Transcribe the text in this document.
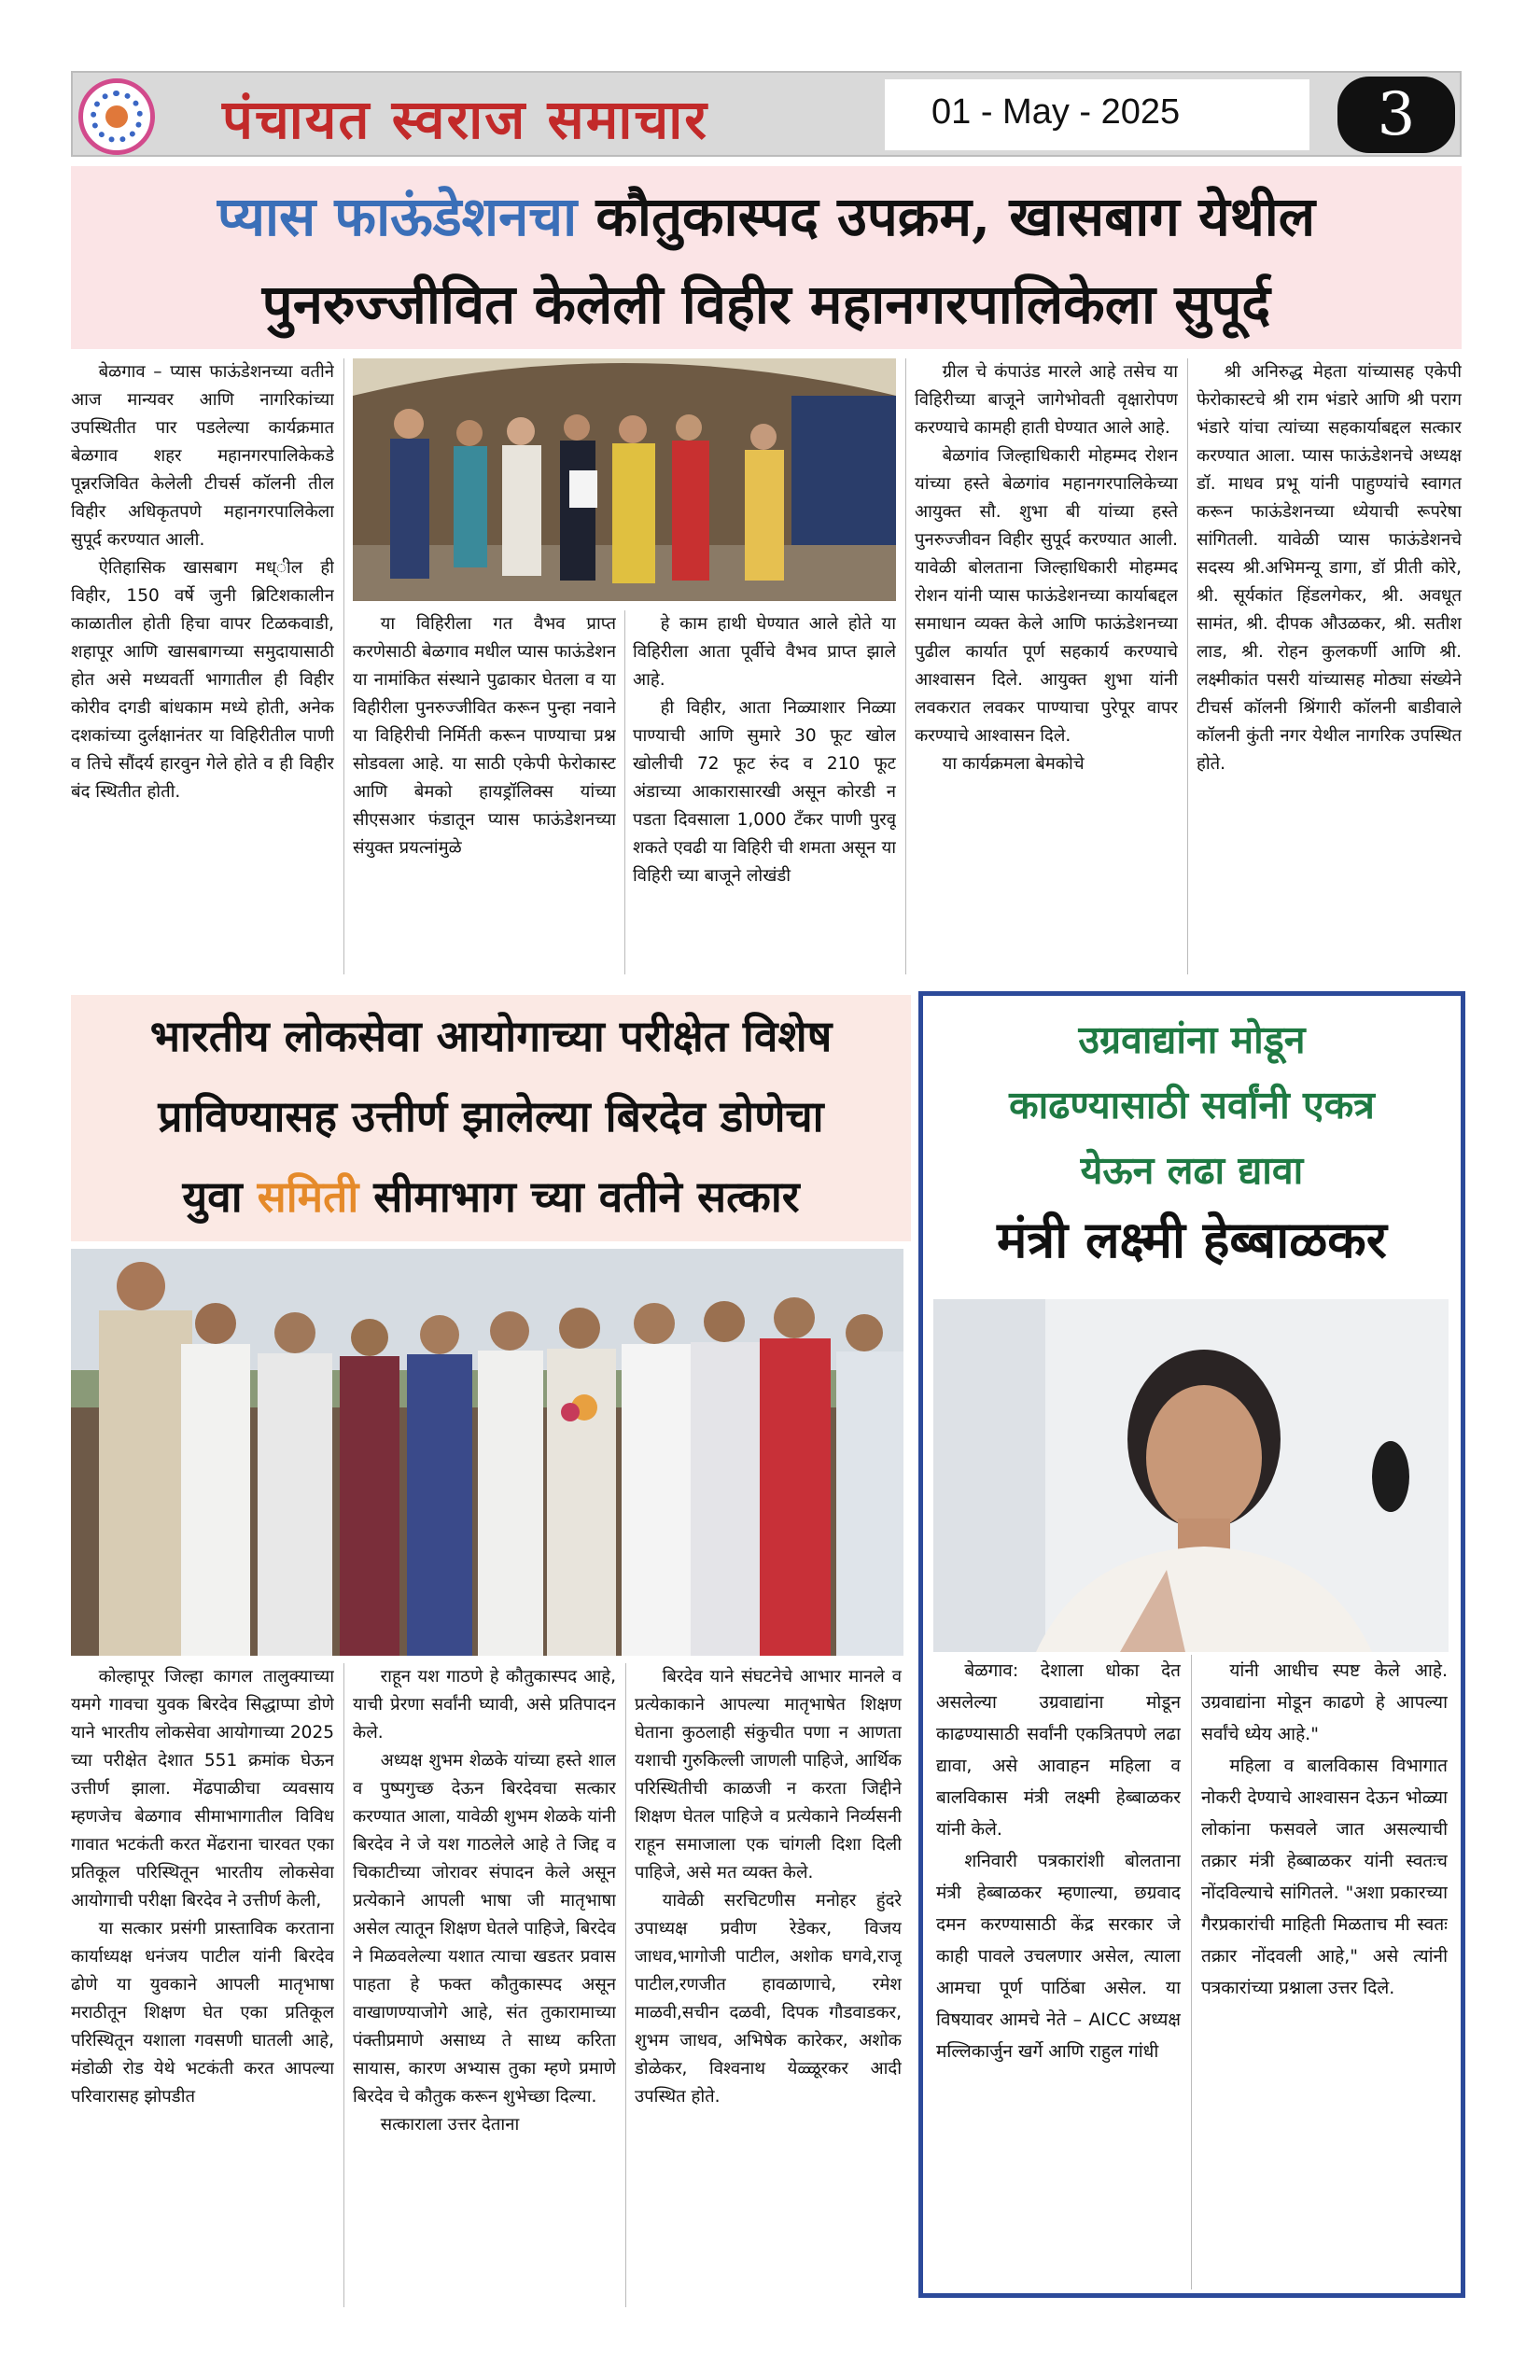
पंचायत स्वराज समाचार	01 - May - 2025	3
प्यास फाऊंडेशनचा कौतुकास्पद उपक्रम, खासबाग येथील
पुनरुज्जीवित केलेली विहीर महानगरपालिकेला सुपूर्द

बेळगाव – प्यास फाऊंडेशनच्या वतीने आज मान्यवर आणि नागरिकांच्या उपस्थितीत पार पडलेल्या कार्यक्रमात बेळगाव शहर महानगरपालिकेकडे पून्नरजिवित केलेली टीचर्स कॉलनी तील विहीर अधिकृतपणे महानगरपालिकेला सुपूर्द करण्यात आली.

ऐतिहासिक खासबाग मध्ील ही विहीर, 150 वर्षे जुनी ब्रिटिशकालीन काळातील होती हिचा वापर टिळकवाडी, शहापूर आणि खासबागच्या समुदायासाठी होत असे मध्यवर्ती भागातील ही विहीर कोरीव दगडी बांधकाम मध्ये होती, अनेक दशकांच्या दुर्लक्षानंतर या विहिरीतील पाणी व तिचे सौंदर्य हारवुन गेले होते व ही विहीर बंद स्थितीत होती.

या विहिरीला गत वैभव प्राप्त करणेसाठी बेळगाव मधील प्यास फाऊंडेशन या नामांकित संस्थाने पुढाकार घेतला व या विहीरीला पुनरुज्जीवित करून पुन्हा नवाने या विहिरीची निर्मिती करून पाण्याचा प्रश्न सोडवला आहे. या साठी एकेपी फेरोकास्ट आणि बेमको हायड्रॉलिक्स यांच्या सीएसआर फंडातून प्यास फाऊंडेशनच्या संयुक्त प्रयत्नांमुळे

हे काम हाथी घेण्यात आले होते या विहिरीला आता पूर्वीचे वैभव प्राप्त झाले आहे.

ही विहीर, आता निळ्याशार निळ्या पाण्याची आणि सुमारे 30 फूट खोल खोलीची 72 फूट रुंद व 210 फूट अंडाच्या आकारासारखी असून कोरडी न पडता दिवसाला 1,000 टँकर पाणी पुरवू शकते एवढी या विहिरी ची शमता असून या विहिरी च्या बाजूने लोखंडी

ग्रील चे कंपाउंड मारले आहे तसेच या विहिरीच्या बाजूने जागेभोवती वृक्षारोपण करण्याचे कामही हाती घेण्यात आले आहे.

बेळगांव जिल्हाधिकारी मोहम्मद रोशन यांच्या हस्ते बेळगांव महानगरपालिकेच्या आयुक्त सौ. शुभा बी यांच्या हस्ते पुनरुज्जीवन विहीर सुपूर्द करण्यात आली. यावेळी बोलताना जिल्हाधिकारी मोहम्मद रोशन यांनी प्यास फाऊंडेशनच्या कार्याबद्दल समाधान व्यक्त केले आणि फाऊंडेशनच्या पुढील कार्यात पूर्ण सहकार्य करण्याचे आश्वासन दिले. आयुक्त शुभा यांनी लवकरात लवकर पाण्याचा पुरेपूर वापर करण्याचे आश्वासन दिले.

या कार्यक्रमला बेमकोचे

श्री अनिरुद्ध मेहता यांच्यासह एकेपी फेरोकास्टचे श्री राम भंडारे आणि श्री पराग भंडारे यांचा त्यांच्या सहकार्याबद्दल सत्कार करण्यात आला. प्यास फाऊंडेशनचे अध्यक्ष डॉ. माधव प्रभू यांनी पाहुण्यांचे स्वागत करून फाऊंडेशनच्या ध्येयाची रूपरेषा सांगितली. यावेळी प्यास फाऊंडेशनचे सदस्य श्री.अभिमन्यू डागा, डॉ प्रीती कोरे, श्री. सूर्यकांत हिंडलगेकर, श्री. अवधूत सामंत, श्री. दीपक औउळकर, श्री. सतीश लाड, श्री. रोहन कुलकर्णी आणि श्री. लक्ष्मीकांत पसरी यांच्यासह मोठ्या संख्येने टीचर्स कॉलनी श्रिंगारी कॉलनी बाडीवाले कॉलनी कुंती नगर येथील नागरिक उपस्थित होते.

भारतीय लोकसेवा आयोगाच्या परीक्षेत विशेष
प्राविण्यासह उत्तीर्ण झालेल्या बिरदेव डोणेचा
युवा समिती सीमाभाग च्या वतीने सत्कार

कोल्हापूर जिल्हा कागल तालुक्याच्या यमगे गावचा युवक बिरदेव सिद्धाप्पा डोणे याने भारतीय लोकसेवा आयोगाच्या 2025 च्या परीक्षेत देशात 551 क्रमांक घेऊन उत्तीर्ण झाला. मेंढपाळीचा व्यवसाय म्हणजेच बेळगाव सीमाभागातील विविध गावात भटकंती करत मेंढराना चारवत एका प्रतिकूल परिस्थितून भारतीय लोकसेवा आयोगाची परीक्षा बिरदेव ने उत्तीर्ण केली,

या सत्कार प्रसंगी प्रास्ताविक करताना कार्याध्यक्ष धनंजय पाटील यांनी बिरदेव ढोणे या युवकाने आपली मातृभाषा मराठीतून शिक्षण घेत एका प्रतिकूल परिस्थितून यशाला गवसणी घातली आहे, मंडोळी रोड येथे भटकंती करत आपल्या परिवारासह झोपडीत

राहून यश गाठणे हे कौतुकास्पद आहे, याची प्रेरणा सर्वांनी घ्यावी, असे प्रतिपादन केले.

अध्यक्ष शुभम शेळके यांच्या हस्ते शाल व पुष्पगुच्छ देऊन बिरदेवचा सत्कार करण्यात आला, यावेळी शुभम शेळके यांनी बिरदेव ने जे यश गाठलेले आहे ते जिद्द व चिकाटीच्या जोरावर संपादन केले असून प्रत्येकाने आपली भाषा जी मातृभाषा असेल त्यातून शिक्षण घेतले पाहिजे, बिरदेव ने मिळवलेल्या यशात त्याचा खडतर प्रवास पाहता हे फक्त कौतुकास्पद असून वाखाणण्याजोगे आहे, संत तुकारामाच्या पंक्तीप्रमाणे असाध्य ते साध्य करिता सायास, कारण अभ्यास तुका म्हणे प्रमाणे बिरदेव चे कौतुक करून शुभेच्छा दिल्या.

सत्काराला उत्तर देताना

बिरदेव याने संघटनेचे आभार मानले व प्रत्येकाकाने आपल्या मातृभाषेत शिक्षण घेताना कुठलाही संकुचीत पणा न आणता यशाची गुरुकिल्ली जाणली पाहिजे, आर्थिक परिस्थितीची काळजी न करता जिद्दीने शिक्षण घेतल पाहिजे व प्रत्येकाने निर्व्यसनी राहून समाजाला एक चांगली दिशा दिली पाहिजे, असे मत व्यक्त केले.

यावेळी सरचिटणीस मनोहर हुंदरे उपाध्यक्ष प्रवीण रेडेकर, विजय जाधव,भागोजी पाटील, अशोक घगवे,राजू पाटील,रणजीत हावळाणाचे, रमेश माळवी,सचीन दळवी, दिपक गौडवाडकर, शुभम जाधव, अभिषेक कारेकर, अशोक डोळेकर, विश्वनाथ येळ्ळूरकर आदी उपस्थित होते.

उग्रवाद्यांना मोडून
काढण्यासाठी सर्वांनी एकत्र
येऊन लढा द्यावा
मंत्री लक्ष्मी हेब्बाळकर

बेळगाव: देशाला धोका देत असलेल्या उग्रवाद्यांना मोडून काढण्यासाठी सर्वांनी एकत्रितपणे लढा द्यावा, असे आवाहन महिला व बालविकास मंत्री लक्ष्मी हेब्बाळकर यांनी केले.

शनिवारी पत्रकारांशी बोलताना मंत्री हेब्बाळकर म्हणाल्या, छग्रवाद दमन करण्यासाठी केंद्र सरकार जे काही पावले उचलणार असेल, त्याला आमचा पूर्ण पाठिंबा असेल. या विषयावर आमचे नेते – AICC अध्यक्ष मल्लिकार्जुन खर्गे आणि राहुल गांधी

यांनी आधीच स्पष्ट केले आहे. उग्रवाद्यांना मोडून काढणे हे आपल्या सर्वांचे ध्येय आहे."

महिला व बालविकास विभागात नोकरी देण्याचे आश्वासन देऊन भोळ्या लोकांना फसवले जात असल्याची तक्रार मंत्री हेब्बाळकर यांनी स्वतःच नोंदविल्याचे सांगितले. "अशा प्रकारच्या गैरप्रकारांची माहिती मिळताच मी स्वतः तक्रार नोंदवली आहे," असे त्यांनी पत्रकारांच्या प्रश्नाला उत्तर दिले.
